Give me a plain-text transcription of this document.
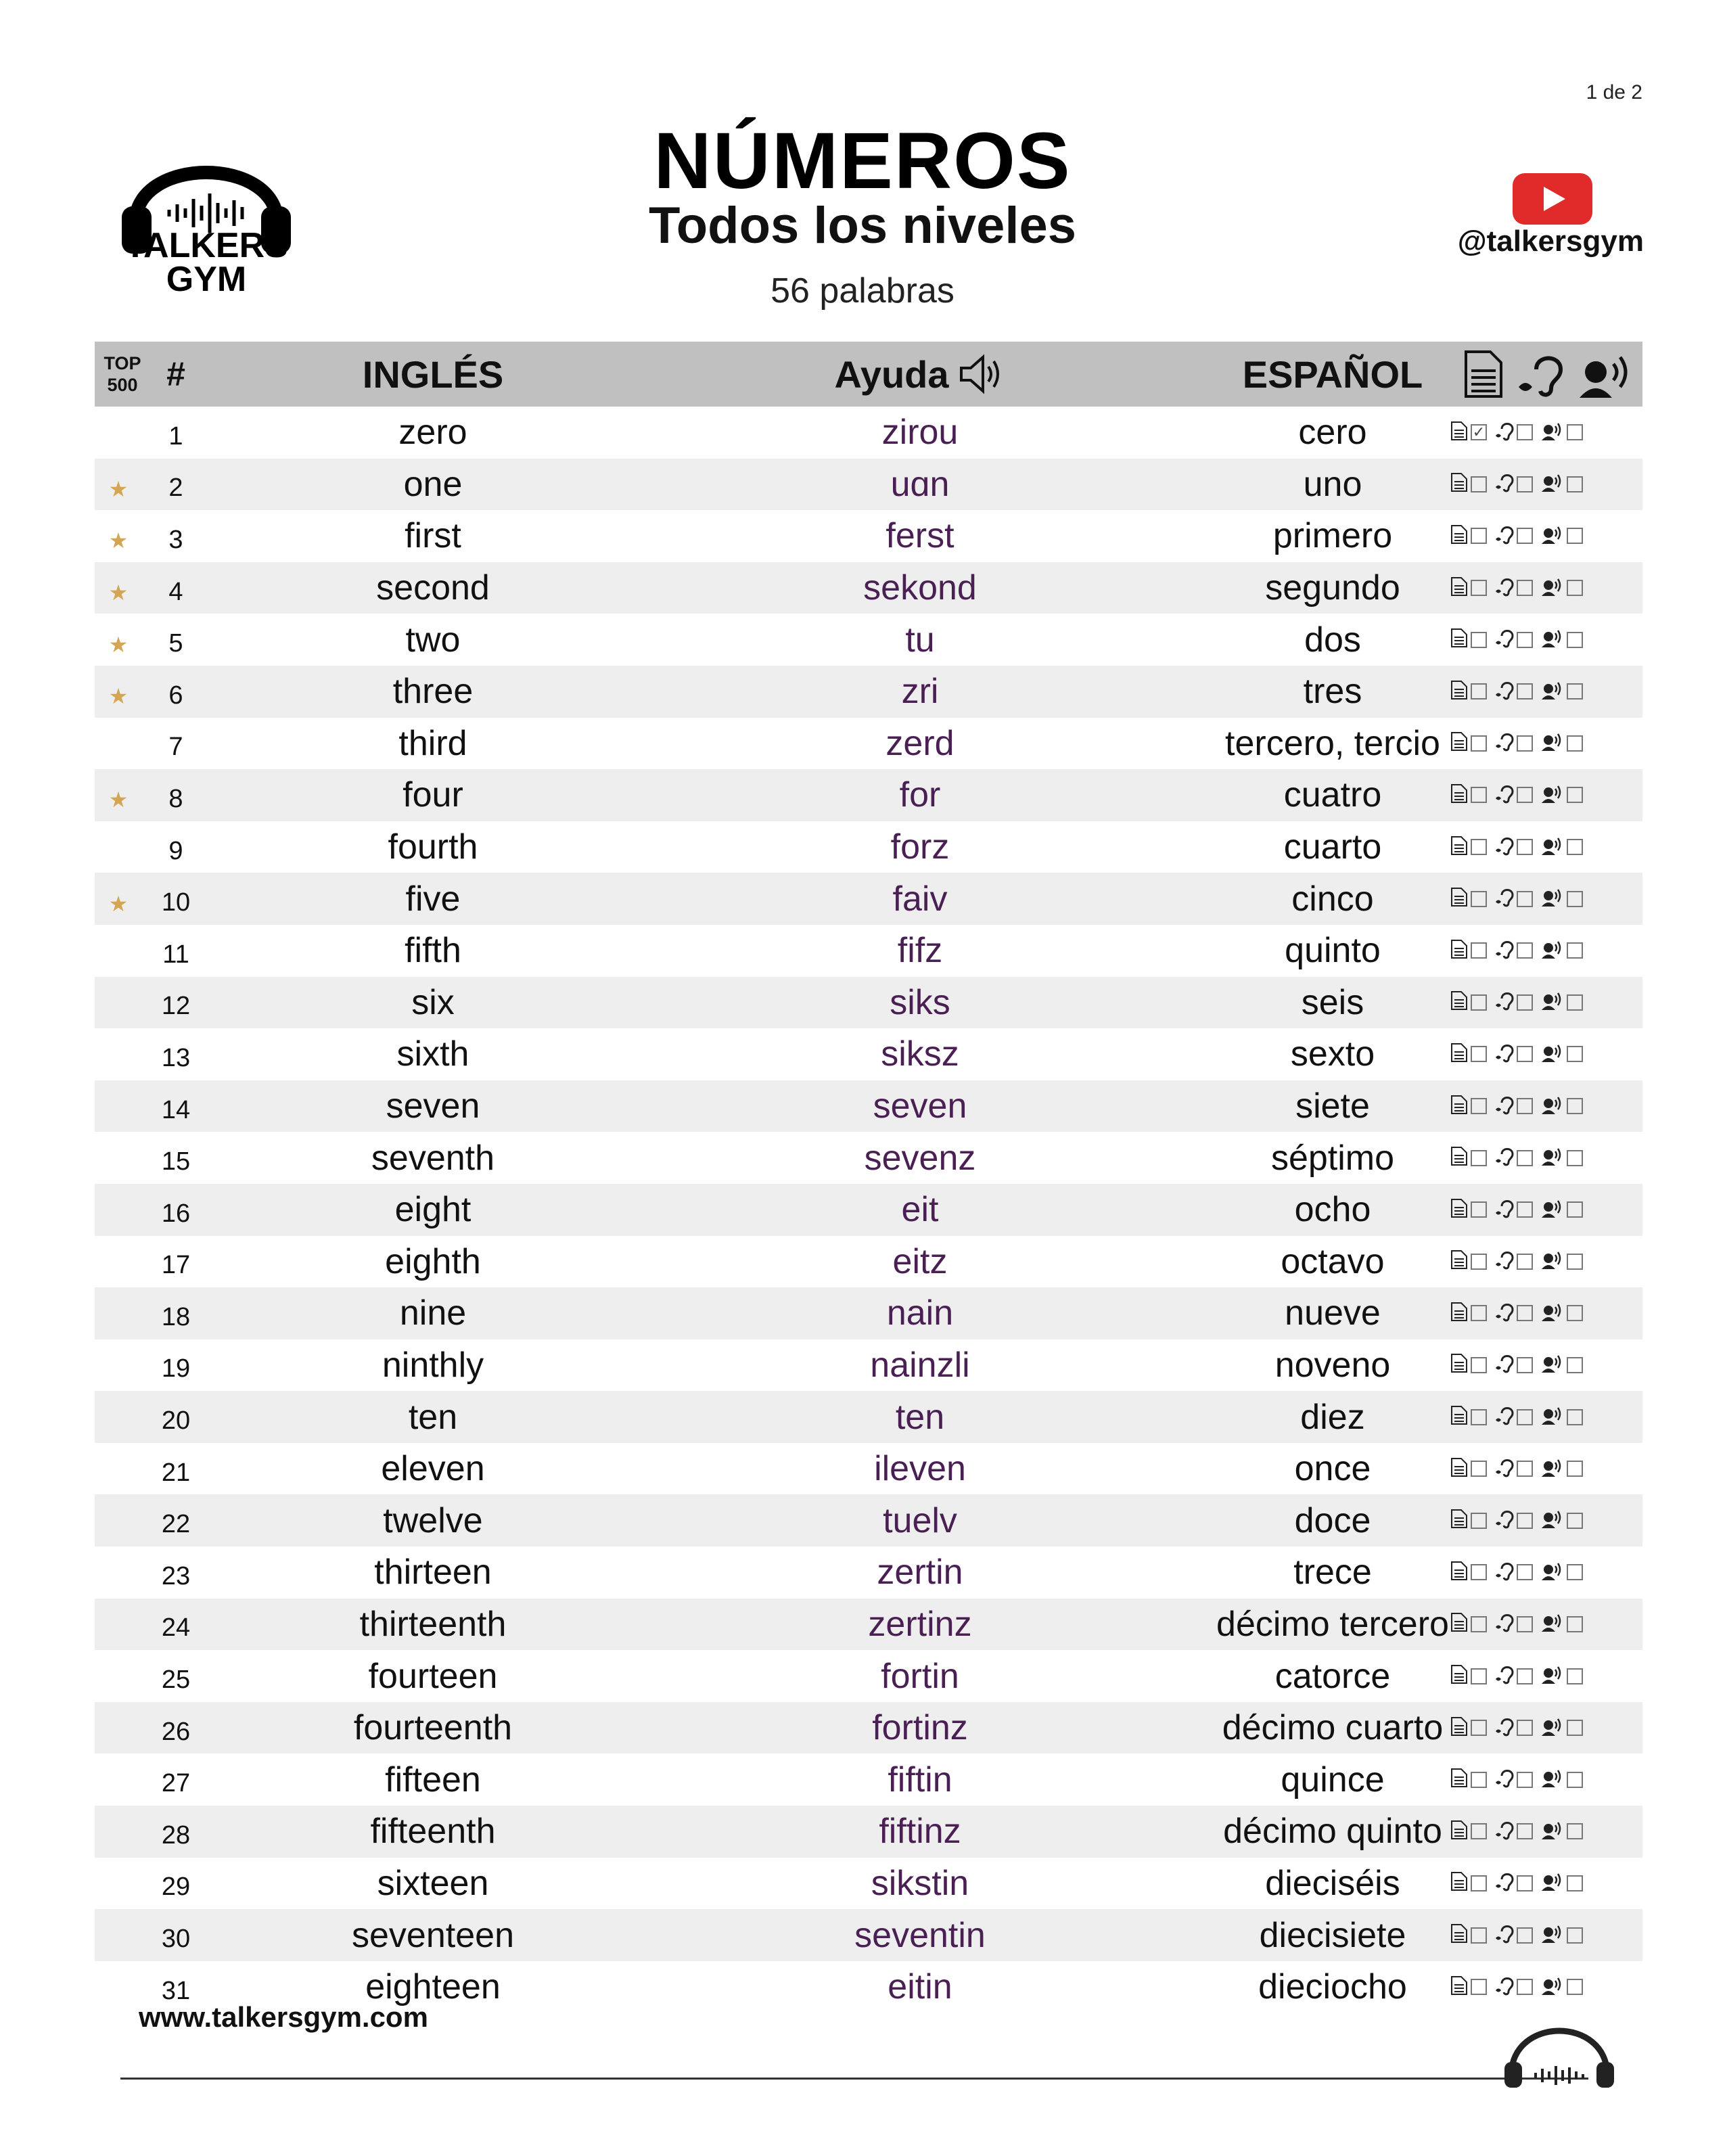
1 de 2
TALKERS
GYM
NÚMEROS
Todos los niveles
56 palabras
@talkersgym
TOP
500 #	INGLÉS	Ayuda	ESPAÑOL
1	zero	zirou	cero	✓
★	2	one	uɑn	uno
★	3	first	ferst	primero
★	4	second	sekond	segundo
★	5	two	tu	dos
★	6	three	zri	tres
7	third	zerd	tercero, tercio
★	8	four	for	cuatro
9	fourth	forz	cuarto
★	10	five	faiv	cinco
11	fifth	fifz	quinto
12	six	siks	seis
13	sixth	siksz	sexto
14	seven	seven	siete
15	seventh	sevenz	séptimo
16	eight	eit	ocho
17	eighth	eitz	octavo
18	nine	nain	nueve
19	ninthly	nainzli	noveno
20	ten	ten	diez
21	eleven	ileven	once
22	twelve	tuelv	doce
23	thirteen	zertin	trece
24	thirteenth	zertinz	décimo tercero
25	fourteen	fortin	catorce
26	fourteenth	fortinz	décimo cuarto
27	fifteen	fiftin	quince
28	fifteenth	fiftinz	décimo quinto
29	sixteen	sikstin	dieciséis
30	seventeen	seventin	diecisiete
31	eighteen	eitin	dieciocho
www.talkersgym.com
